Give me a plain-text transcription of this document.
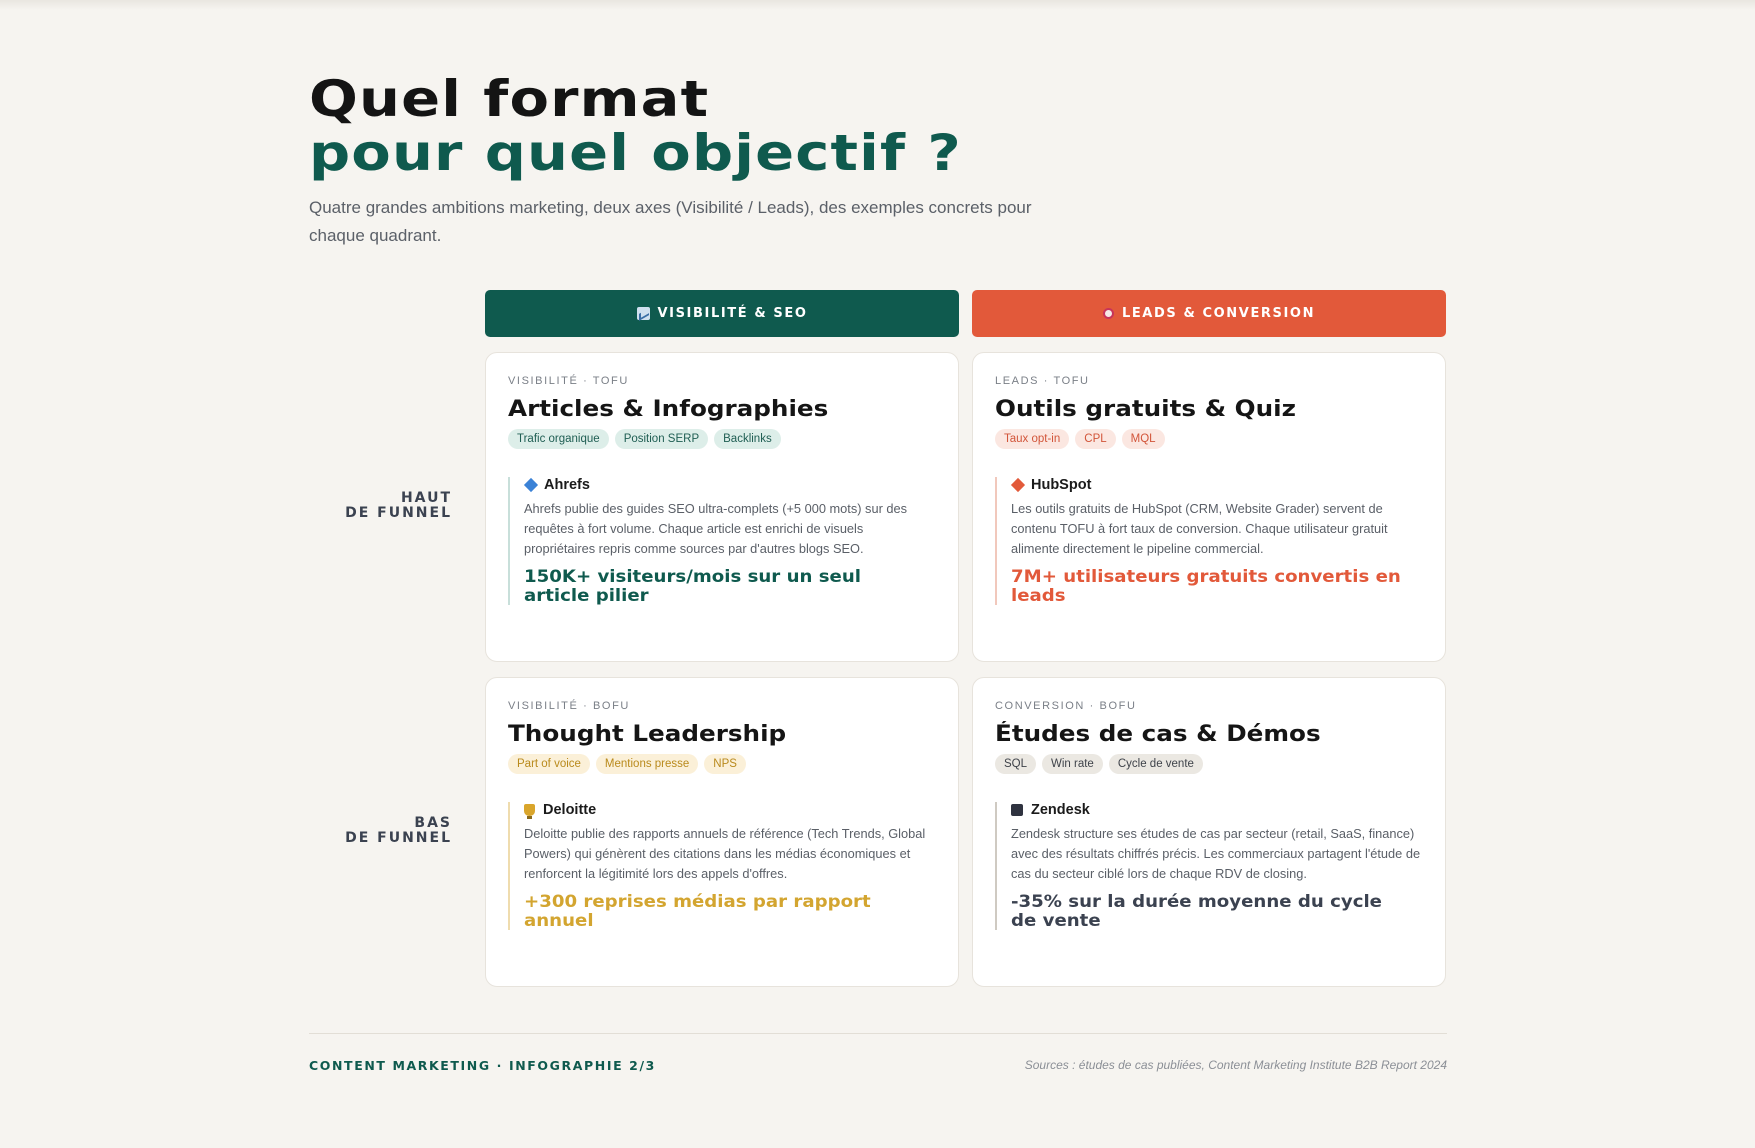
Quel format
pour quel objectif ?

Quatre grandes ambitions marketing, deux axes (Visibilité / Leads), des exemples concrets pour chaque quadrant.

VISIBILITÉ & SEO	LEADS & CONVERSION
HAUT
DE FUNNEL
BAS
DE FUNNEL
VISIBILITÉ · TOFU
Articles & Infographies
Trafic organique	Position SERP	Backlinks
Ahrefs

Ahrefs publie des guides SEO ultra-complets (+5 000 mots) sur des requêtes à fort volume. Chaque article est enrichi de visuels propriétaires repris comme sources par d'autres blogs SEO.

150K+ visiteurs/mois sur un seul article pilier
LEADS · TOFU
Outils gratuits & Quiz
Taux opt-in	CPL	MQL
HubSpot

Les outils gratuits de HubSpot (CRM, Website Grader) servent de contenu TOFU à fort taux de conversion. Chaque utilisateur gratuit alimente directement le pipeline commercial.

7M+ utilisateurs gratuits convertis en leads
VISIBILITÉ · BOFU
Thought Leadership
Part of voice	Mentions presse	NPS
Deloitte

Deloitte publie des rapports annuels de référence (Tech Trends, Global Powers) qui génèrent des citations dans les médias économiques et renforcent la légitimité lors des appels d'offres.

+300 reprises médias par rapport annuel
CONVERSION · BOFU
Études de cas & Démos
SQL	Win rate	Cycle de vente
Zendesk

Zendesk structure ses études de cas par secteur (retail, SaaS, finance) avec des résultats chiffrés précis. Les commerciaux partagent l'étude de cas du secteur ciblé lors de chaque RDV de closing.

-35% sur la durée moyenne du cycle de vente
CONTENT MARKETING · INFOGRAPHIE 2/3	Sources : études de cas publiées, Content Marketing Institute B2B Report 2024
